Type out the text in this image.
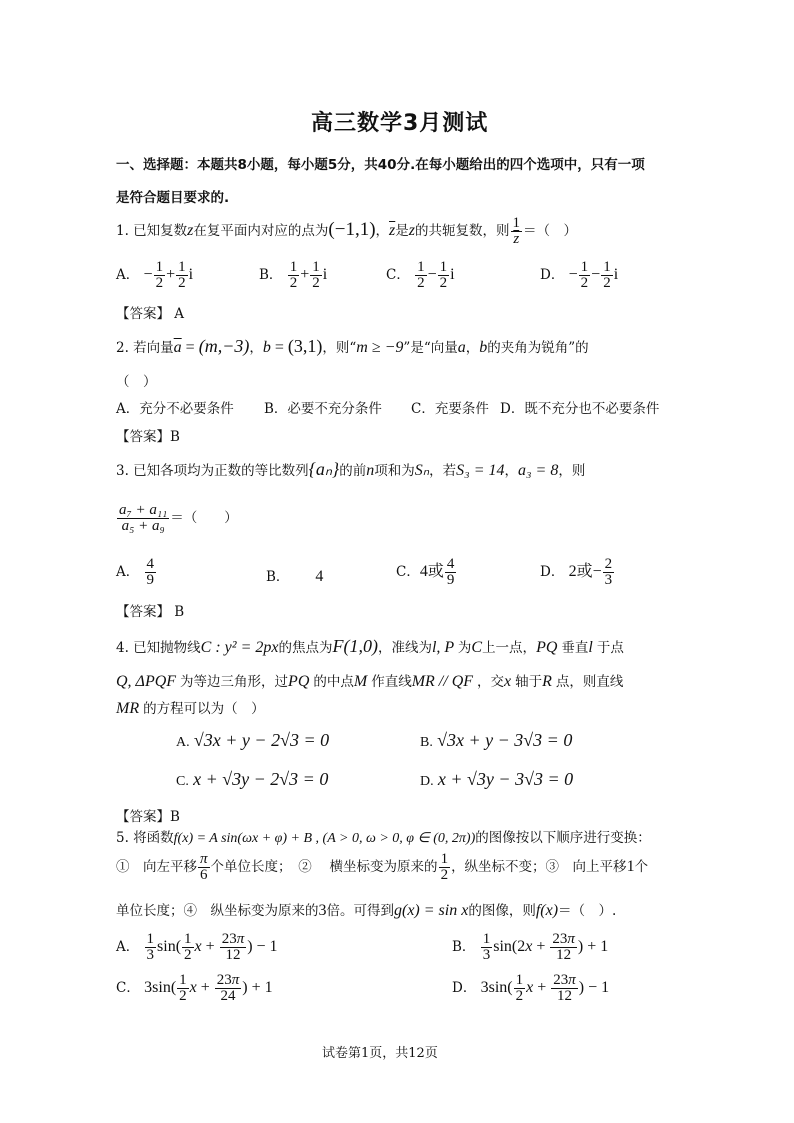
高三数学3月测试
一、选择题：本题共8小题，每小题5分，共40分.在每小题给出的四个选项中，只有一项
是符合题目要求的.
1. 已知复数z在复平面内对应的点为(−1,1)，$\overline{z}$是z的共轭复数，则 $\frac{1}{z}$ ＝（　）
A． − $\frac{1}{2} + \frac{1}{2}$ i	B． $\frac{1}{2} + \frac{1}{2}$ i	C． $\frac{1}{2} - \frac{1}{2}$ i	D． − $\frac{1}{2} - \frac{1}{2}$ i
【答案】 A
2. 若向量$\overline{a} = (m,-3)$，b = (3,1)，则“m ≥ −9”是“向量a，b的夹角为锐角”的
（　）
A．充分不必要条件 B．必要不充分条件 C．充要条件 D．既不充分也不必要条件
【答案】B
3. 已知各项均为正数的等比数列{aₙ}的前n项和为Sₙ，若S₃ = 14，a₃ = 8，则
$\frac{\text{a₇ + a₁₁}}{\text{a₅ + a₉}}$ ＝（　　）
A． $\frac{4}{9}$	B． 4	C．4或 $\frac{4}{9}$	D． 2或− $\frac{2}{3}$
【答案】 B
4. 已知抛物线C : y² = 2px的焦点为F(1,0)，准线为l, P 为C上一点，PQ 垂直l 于点
Q, ΔPQF 为等边三角形，过PQ 的中点M 作直线MR // QF ，交x 轴于R 点，则直线
MR 的方程可以为（　）
A. √3x + y − 2√3 = 0	B. √3x + y − 3√3 = 0
C. x + √3y − 2√3 = 0	D. x + √3y − 3√3 = 0
【答案】B
5. 将函数f(x) = A sin(ωx + φ) + B , (A > 0, ω > 0, φ ∈ (0, 2π))的图像按以下顺序进行变换：
①　向左平移 $\frac{\pi}{6}$ 个单位长度；　②　 横坐标变为原来的 $\frac{1}{2}$ ，纵坐标不变；③　向上平移1个
单位长度；④　纵坐标变为原来的3倍。可得到g(x) = sin x的图像，则f(x)＝（　）.
A． $\frac{1}{3} \sin( \frac{1}{2}$ $x + \frac{23\pi}{12}$ ) − 1	B． $\frac{1}{3} \sin(2x + \frac{23\pi}{12}$ ) + 1
C． $3\sin( \frac{1}{2}$ $x + \frac{23\pi}{24}$ ) + 1	D． $3\sin( \frac{1}{2}$ $x + \frac{23\pi}{12}$ ) − 1
试卷第1页，共12页
